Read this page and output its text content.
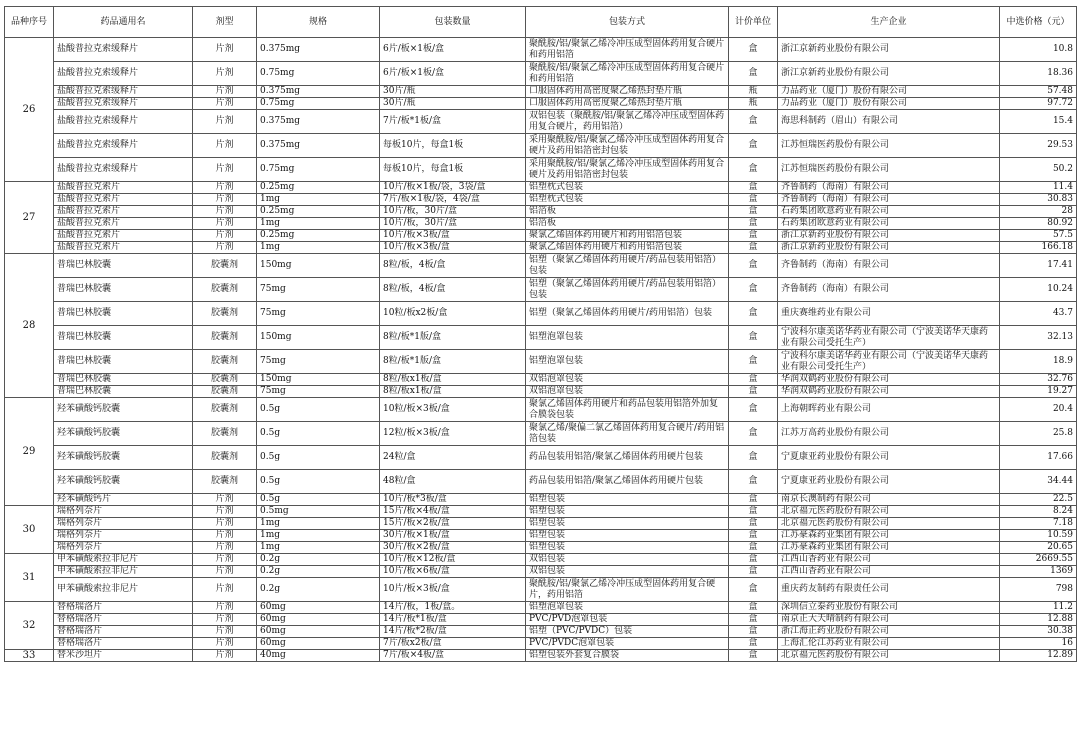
品种序号	药品通用名	剂型	规格	包装数量	包装方式	计价单位	生产企业	中选价格（元）
26	盐酸普拉克索缓释片	片剂	0.375mg	6片/板×1板/盒	聚酰胺/铝/聚氯乙烯冷冲压成型固体药用复合硬片和药用铝箔	盒	浙江京新药业股份有限公司	10.8
	盐酸普拉克索缓释片	片剂	0.75mg	6片/板×1板/盒	聚酰胺/铝/聚氯乙烯冷冲压成型固体药用复合硬片和药用铝箔	盒	浙江京新药业股份有限公司	18.36
	盐酸普拉克索缓释片	片剂	0.375mg	30片/瓶	口服固体药用高密度聚乙烯热封垫片瓶	瓶	力品药业（厦门）股份有限公司	57.48
	盐酸普拉克索缓释片	片剂	0.75mg	30片/瓶	口服固体药用高密度聚乙烯热封垫片瓶	瓶	力品药业（厦门）股份有限公司	97.72
	盐酸普拉克索缓释片	片剂	0.375mg	7片/板*1板/盒	双铝包装（聚酰胺/铝/聚氯乙烯冷冲压成型固体药用复合硬片，药用铝箔）	盒	海思科制药（眉山）有限公司	15.4
	盐酸普拉克索缓释片	片剂	0.375mg	每板10片，每盒1板	采用聚酰胺/铝/聚氯乙烯冷冲压成型固体药用复合硬片及药用铝箔密封包装	盒	江苏恒瑞医药股份有限公司	29.53
	盐酸普拉克索缓释片	片剂	0.75mg	每板10片，每盒1板	采用聚酰胺/铝/聚氯乙烯冷冲压成型固体药用复合硬片及药用铝箔密封包装	盒	江苏恒瑞医药股份有限公司	50.2
27	盐酸普拉克索片	片剂	0.25mg	10片/板×1板/袋，3袋/盒	铝塑枕式包装	盒	齐鲁制药（海南）有限公司	11.4
	盐酸普拉克索片	片剂	1mg	7片/板×1板/袋，4袋/盒	铝塑枕式包装	盒	齐鲁制药（海南）有限公司	30.83
	盐酸普拉克索片	片剂	0.25mg	10片/板，30片/盒	铝箔板	盒	石药集团欧意药业有限公司	28
	盐酸普拉克索片	片剂	1mg	10片/板，30片/盒	铝箔板	盒	石药集团欧意药业有限公司	80.92
	盐酸普拉克索片	片剂	0.25mg	10片/板×3板/盒	聚氯乙烯固体药用硬片和药用铝箔包装	盒	浙江京新药业股份有限公司	57.5
	盐酸普拉克索片	片剂	1mg	10片/板×3板/盒	聚氯乙烯固体药用硬片和药用铝箔包装	盒	浙江京新药业股份有限公司	166.18
28	普瑞巴林胶囊	胶囊剂	150mg	8粒/板，4板/盒	铝塑（聚氯乙烯固体药用硬片/药品包装用铝箔）包装	盒	齐鲁制药（海南）有限公司	17.41
	普瑞巴林胶囊	胶囊剂	75mg	8粒/板，4板/盒	铝塑（聚氯乙烯固体药用硬片/药品包装用铝箔）包装	盒	齐鲁制药（海南）有限公司	10.24
	普瑞巴林胶囊	胶囊剂	75mg	10粒/板x2板/盒	铝塑（聚氯乙烯固体药用硬片/药用铝箔）包装	盒	重庆赛维药业有限公司	43.7
	普瑞巴林胶囊	胶囊剂	150mg	8粒/板*1版/盒	铝塑泡罩包装	盒	宁波科尔康美诺华药业有限公司（宁波美诺华天康药业有限公司受托生产）	32.13
	普瑞巴林胶囊	胶囊剂	75mg	8粒/板*1版/盒	铝塑泡罩包装	盒	宁波科尔康美诺华药业有限公司（宁波美诺华天康药业有限公司受托生产）	18.9
	普瑞巴林胶囊	胶囊剂	150mg	8粒/板x1板/盒	双铝泡罩包装	盒	华润双鹤药业股份有限公司	32.76
	普瑞巴林胶囊	胶囊剂	75mg	8粒/板x1板/盒	双铝泡罩包装	盒	华润双鹤药业股份有限公司	19.27
29	羟苯磺酸钙胶囊	胶囊剂	0.5g	10粒/板×3板/盒	聚氯乙烯固体药用硬片和药品包装用铝箔外加复合膜袋包装	盒	上海朝晖药业有限公司	20.4
	羟苯磺酸钙胶囊	胶囊剂	0.5g	12粒/板×3板/盒	聚氯乙烯/聚偏二氯乙烯固体药用复合硬片/药用铝箔包装	盒	江苏万高药业股份有限公司	25.8
	羟苯磺酸钙胶囊	胶囊剂	0.5g	24粒/盒	药品包装用铝箔/聚氯乙烯固体药用硬片包装	盒	宁夏康亚药业股份有限公司	17.66
	羟苯磺酸钙胶囊	胶囊剂	0.5g	48粒/盒	药品包装用铝箔/聚氯乙烯固体药用硬片包装	盒	宁夏康亚药业股份有限公司	34.44
	羟苯磺酸钙片	片剂	0.5g	10片/板*3板/盒	铝塑包装	盒	南京长澳制药有限公司	22.5
30	瑞格列奈片	片剂	0.5mg	15片/板×4板/盒	铝塑包装	盒	北京福元医药股份有限公司	8.24
	瑞格列奈片	片剂	1mg	15片/板×2板/盒	铝塑包装	盒	北京福元医药股份有限公司	7.18
	瑞格列奈片	片剂	1mg	30片/板×1板/盒	铝塑包装	盒	江苏豪森药业集团有限公司	10.59
	瑞格列奈片	片剂	1mg	30片/板×2板/盒	铝塑包装	盒	江苏豪森药业集团有限公司	20.65
31	甲苯磺酸索拉非尼片	片剂	0.2g	10片/板×12板/盒	双铝包装	盒	江西山香药业有限公司	2669.55
	甲苯磺酸索拉非尼片	片剂	0.2g	10片/板×6板/盒	双铝包装	盒	江西山香药业有限公司	1369
	甲苯磺酸索拉非尼片	片剂	0.2g	10片/板×3板/盒	聚酰胺/铝/聚氯乙烯冷冲压成型固体药用复合硬片，药用铝箔	盒	重庆药友制药有限责任公司	798
32	替格瑞洛片	片剂	60mg	14片/板，1板/盒。	铝塑泡罩包装	盒	深圳信立泰药业股份有限公司	11.2
	替格瑞洛片	片剂	60mg	14片/板*1板/盒	PVC/PVD泡罩包装	盒	南京正大天晴制药有限公司	12.88
	替格瑞洛片	片剂	60mg	14片/板*2板/盒	铝塑（PVC/PVDC）包装	盒	浙江海正药业股份有限公司	30.38
	替格瑞洛片	片剂	60mg	7片/板x2板/盒	PVC/PVDC泡罩包装	盒	上海汇伦江苏药业有限公司	16
33	替米沙坦片	片剂	40mg	7片/板×4板/盒	铝塑包装外套复合膜袋	盒	北京福元医药股份有限公司	12.89
